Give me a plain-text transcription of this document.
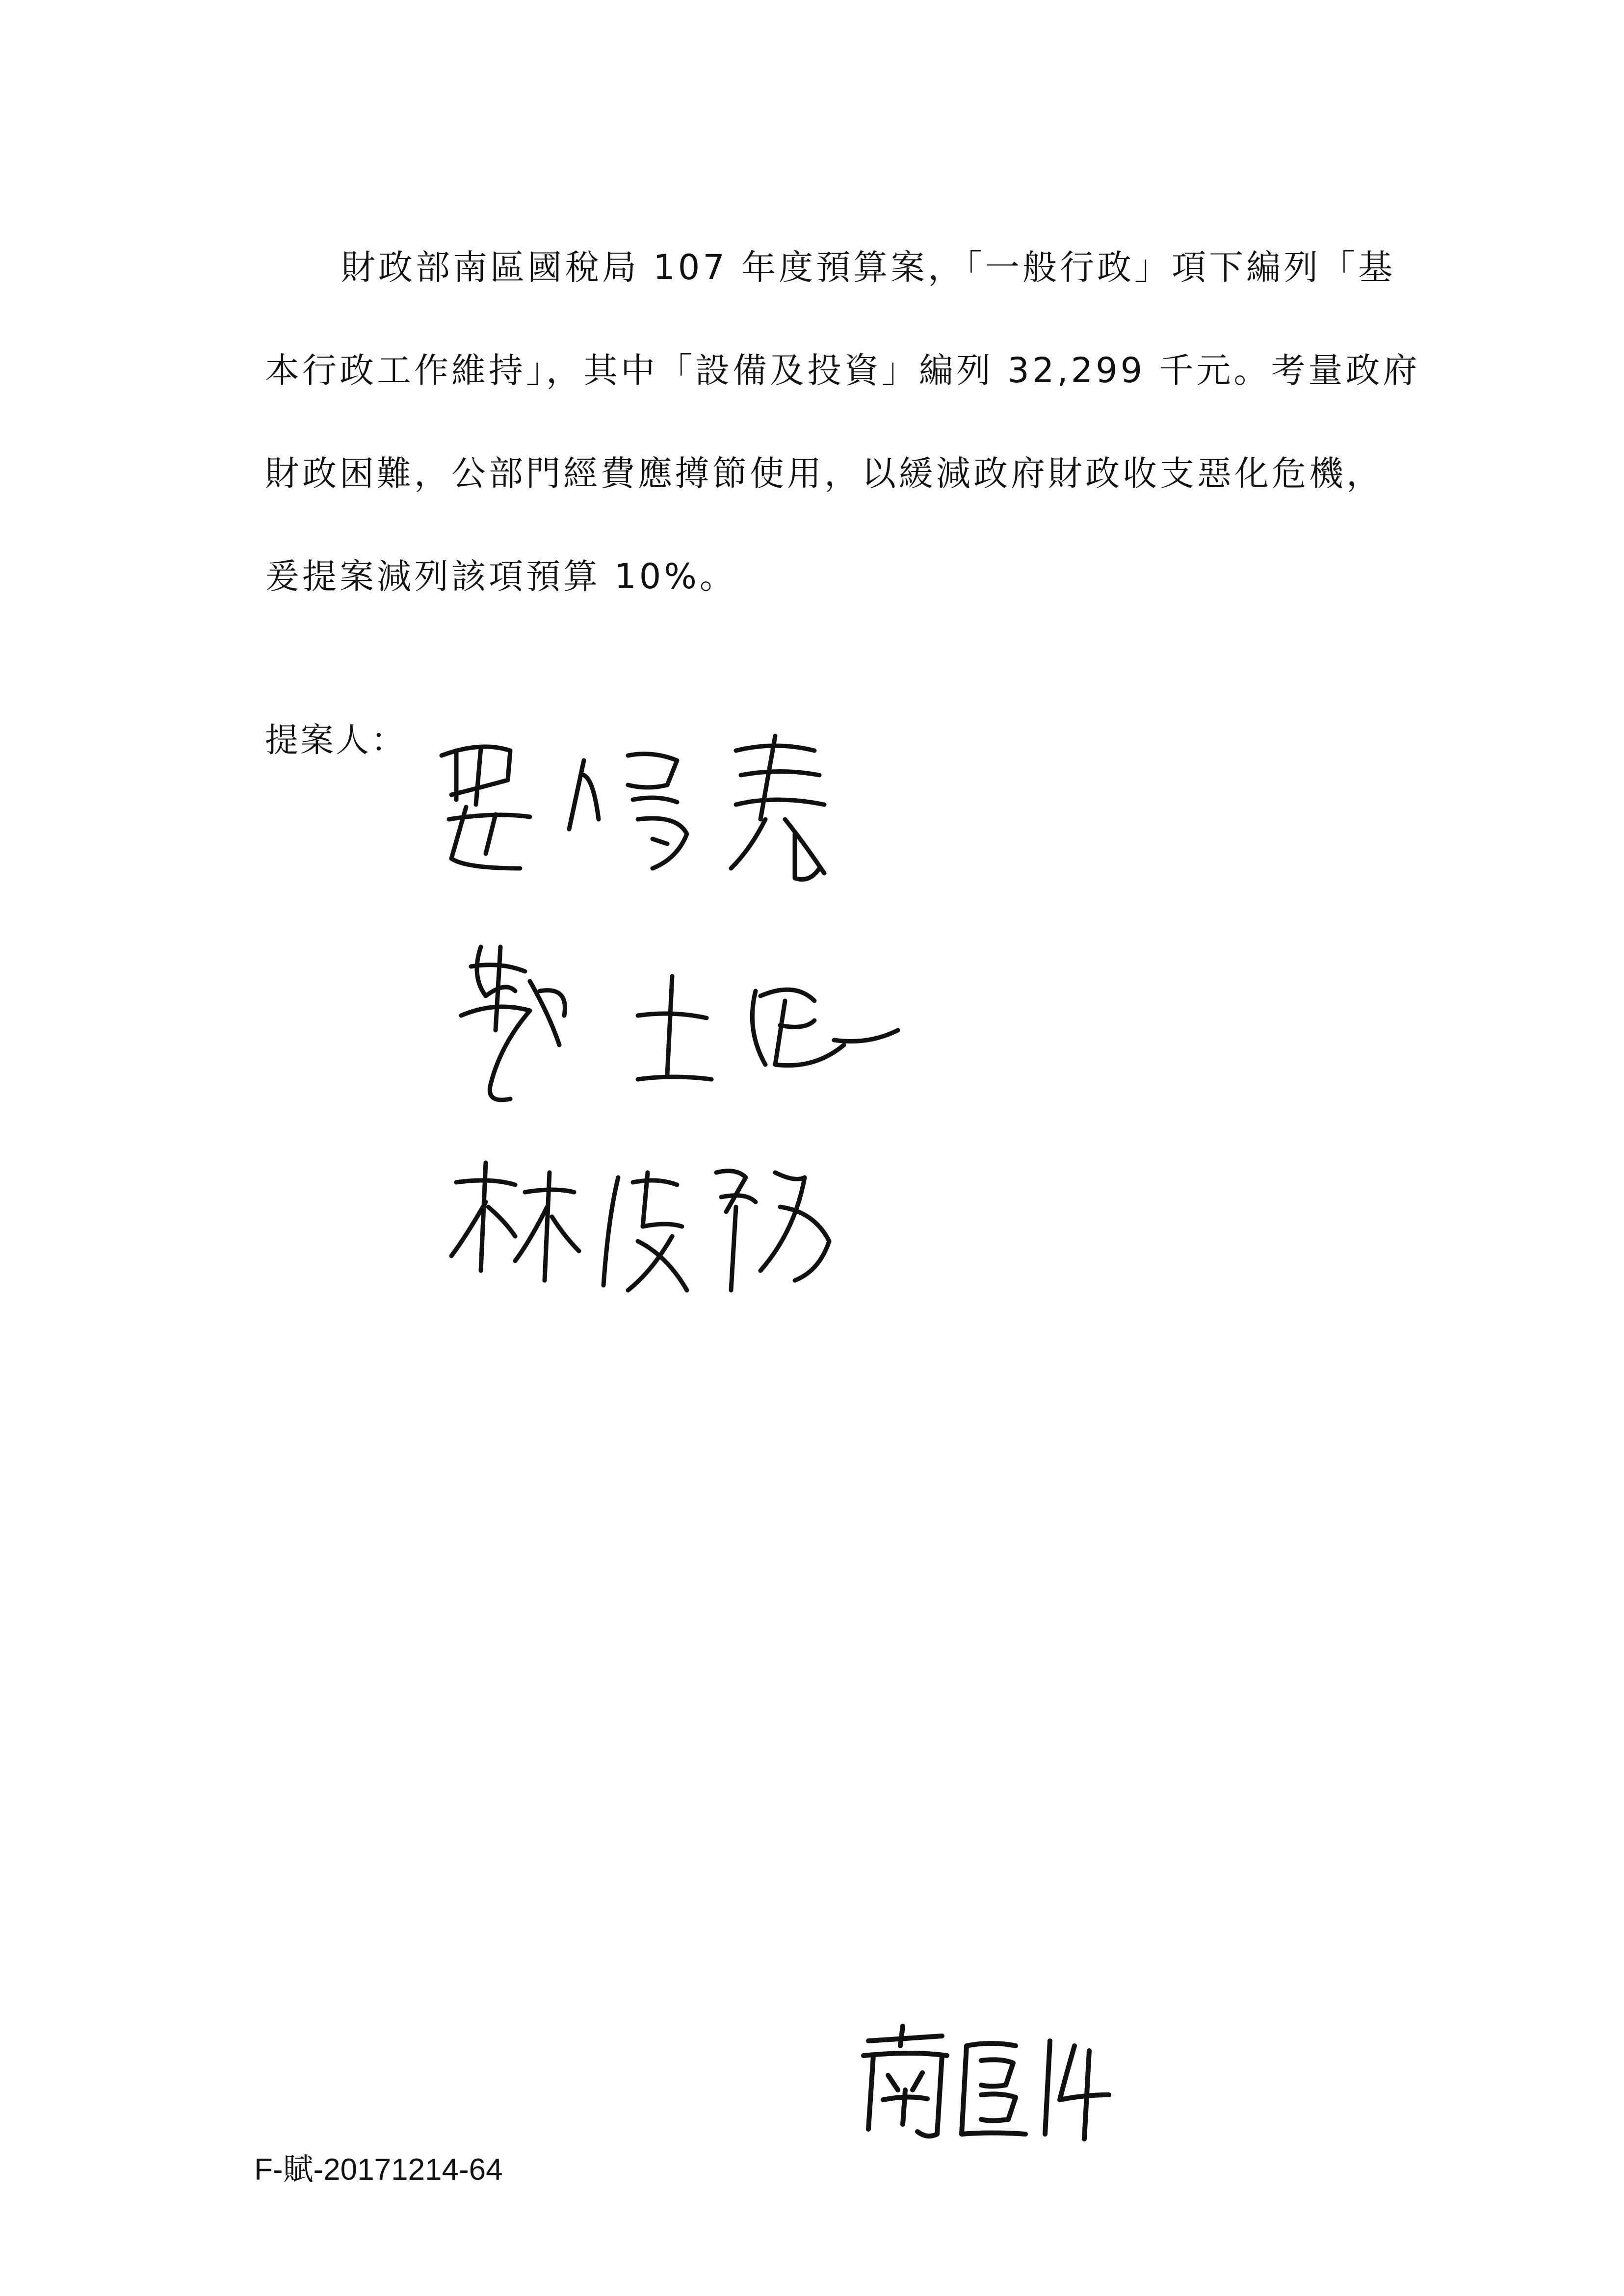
財政部南區國稅局 107 年度預算案，「一般行政」項下編列「基
本行政工作維持」，其中「設備及投資」編列 32,299 千元。考量政府
財政困難，公部門經費應撙節使用，以緩減政府財政收支惡化危機，
爰提案減列該項預算 10%。

提案人：

F-賦-20171214-64
